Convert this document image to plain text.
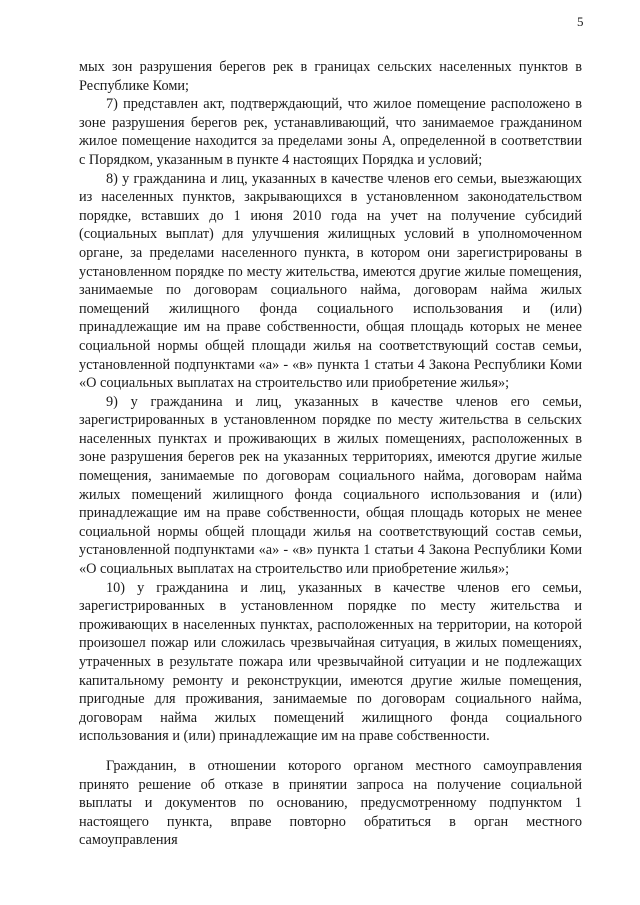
5

мых зон разрушения берегов рек в границах сельских населенных пунктов в Республике Коми;

7) представлен акт, подтверждающий, что жилое помещение расположено в зоне разрушения берегов рек, устанавливающий, что занимаемое гражданином жилое помещение находится за пределами зоны А, определенной в соответствии с Порядком, указанным в пункте 4 настоящих Порядка и условий;

8) у гражданина и лиц, указанных в качестве членов его семьи, выезжающих из населенных пунктов, закрывающихся в установленном законодательством порядке, вставших до 1 июня 2010 года на учет на получение субсидий (социальных выплат) для улучшения жилищных условий в уполномоченном органе, за пределами населенного пункта, в котором они зарегистрированы в установленном порядке по месту жительства, имеются другие жилые помещения, занимаемые по договорам социального найма, договорам найма жилых помещений жилищного фонда социального использования и (или) принадлежащие им на праве собственности, общая площадь которых не менее социальной нормы общей площади жилья на соответствующий состав семьи, установленной подпунктами «а» - «в» пункта 1 статьи 4 Закона Республики Коми «О социальных выплатах на строительство или приобретение жилья»;

9) у гражданина и лиц, указанных в качестве членов его семьи, зарегистрированных в установленном порядке по месту жительства в сельских населенных пунктах и проживающих в жилых помещениях, расположенных в зоне разрушения берегов рек на указанных территориях, имеются другие жилые помещения, занимаемые по договорам социального найма, договорам найма жилых помещений жилищного фонда социального использования и (или) принадлежащие им на праве собственности, общая площадь которых не менее социальной нормы общей площади жилья на соответствующий состав семьи, установленной подпунктами «а» - «в» пункта 1 статьи 4 Закона Республики Коми «О социальных выплатах на строительство или приобретение жилья»;

10) у гражданина и лиц, указанных в качестве членов его семьи, зарегистрированных в установленном порядке по месту жительства и проживающих в населенных пунктах, расположенных на территории, на которой произошел пожар или сложилась чрезвычайная ситуация, в жилых помещениях, утраченных в результате пожара или чрезвычайной ситуации и не подлежащих капитальному ремонту и реконструкции, имеются другие жилые помещения, пригодные для проживания, занимаемые по договорам социального найма, договорам найма жилых помещений жилищного фонда социального использования и (или) принадлежащие им на праве собственности.

Гражданин, в отношении которого органом местного самоуправления принято решение об отказе в принятии запроса на получение социальной выплаты и документов по основанию, предусмотренному подпунктом 1 настоящего пункта, вправе повторно обратиться в орган местного самоуправления
